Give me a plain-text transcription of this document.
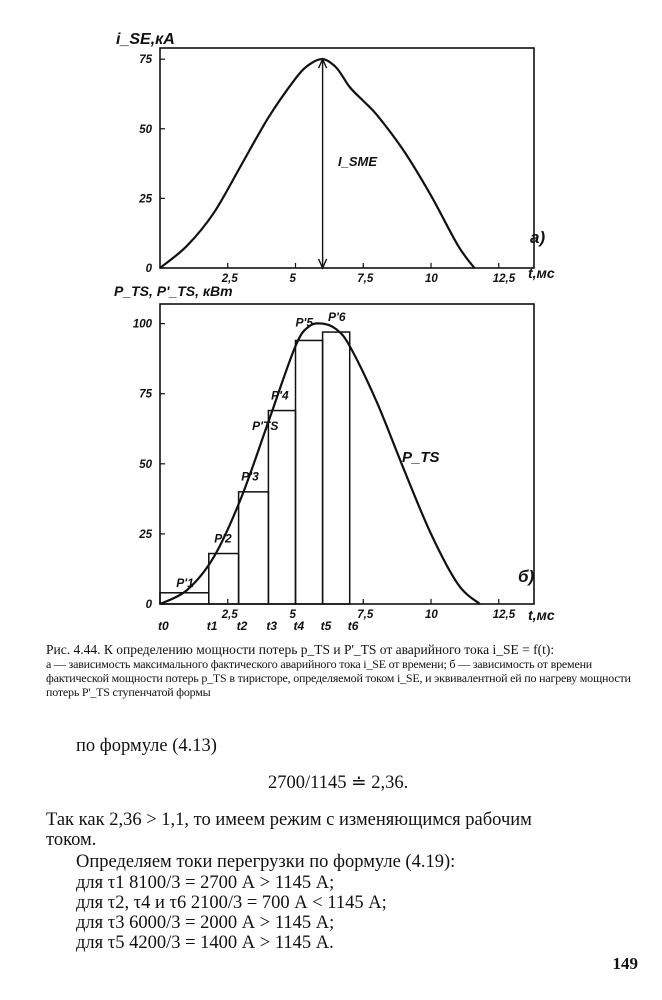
2,5	5	7,5	10	12,5
0
25
50
75
i_SE,кА
t,мс
I_SME
a)
2,5	5	7,5	10	12,5
0
25
50
75
100
t0	t1 t2 t3 t4 t5 t6
P'1
P'2
P'3
P'TS
P'4
P'5 P'6
P_TS, P'_TS, кВт
t,мс
P_TS
б)
Рис. 4.44. К определению мощности потерь p_TS и P'_TS от аварийного тока i_SE = f(t):
а — зависимость максимального фактического аварийного тока i_SE от времени; б — зависимость от времени фактической мощности потерь p_TS в тиристоре, определяемой током i_SE, и эквивалентной ей по нагреву мощности потерь P'_TS ступенчатой формы
по формуле (4.13)
2700/1145 ≐ 2,36.
Так как 2,36 > 1,1, то имеем режим с изменяющимся рабочим
током.
Определяем токи перегрузки по формуле (4.19):
для τ1 8100/3 = 2700 А > 1145 А;
для τ2, τ4 и τ6 2100/3 = 700 А < 1145 А;
для τ3 6000/3 = 2000 А > 1145 А;
для τ5 4200/3 = 1400 А > 1145 А.
149
